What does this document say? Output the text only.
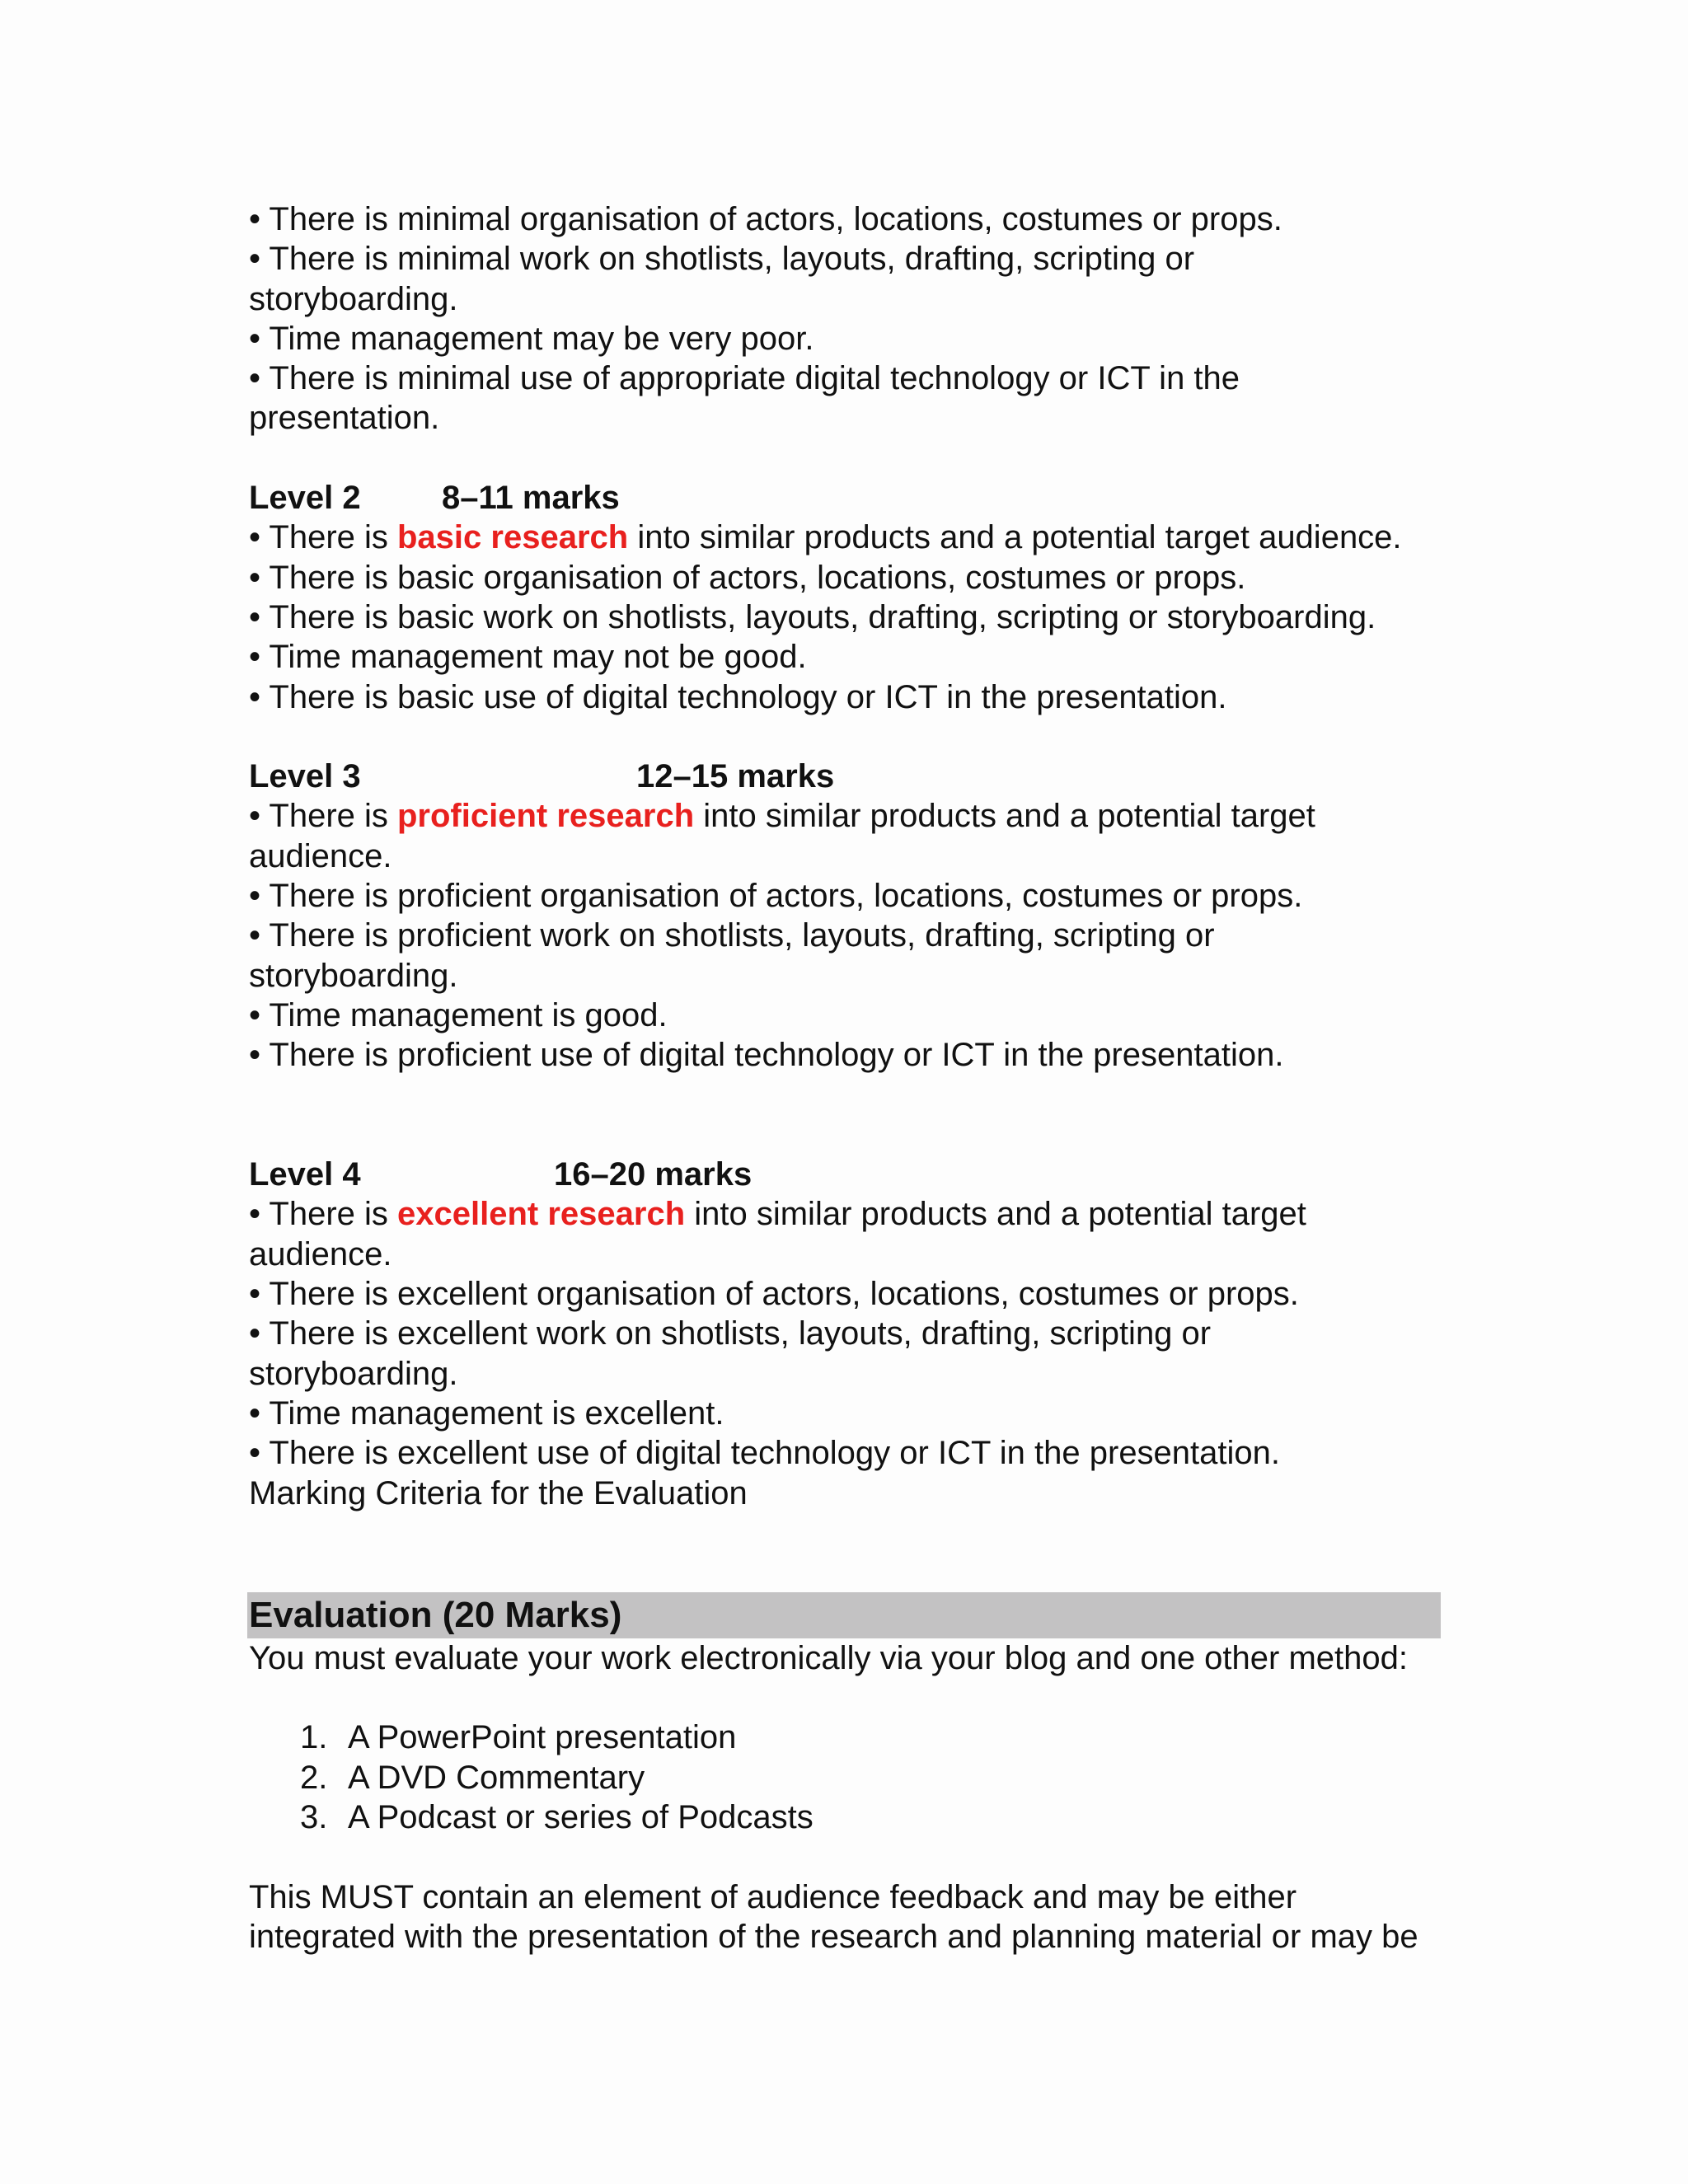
• There is minimal organisation of actors, locations, costumes or props.
• There is minimal work on shotlists, layouts, drafting, scripting or
storyboarding.
• Time management may be very poor.
• There is minimal use of appropriate digital technology or ICT in the
presentation.
Level 2 8–11 marks
• There is basic research into similar products and a potential target audience.
• There is basic organisation of actors, locations, costumes or props.
• There is basic work on shotlists, layouts, drafting, scripting or storyboarding.
• Time management may not be good.
• There is basic use of digital technology or ICT in the presentation.
Level 3	12–15 marks
• There is proficient research into similar products and a potential target
audience.
• There is proficient organisation of actors, locations, costumes or props.
• There is proficient work on shotlists, layouts, drafting, scripting or
storyboarding.
• Time management is good.
• There is proficient use of digital technology or ICT in the presentation.
Level 4	16–20 marks
• There is excellent research into similar products and a potential target
audience.
• There is excellent organisation of actors, locations, costumes or props.
• There is excellent work on shotlists, layouts, drafting, scripting or
storyboarding.
• Time management is excellent.
• There is excellent use of digital technology or ICT in the presentation.
Marking Criteria for the Evaluation
Evaluation (20 Marks)
You must evaluate your work electronically via your blog and one other method:
1. A PowerPoint presentation
2. A DVD Commentary
3. A Podcast or series of Podcasts
This MUST contain an element of audience feedback and may be either
integrated with the presentation of the research and planning material or may be
